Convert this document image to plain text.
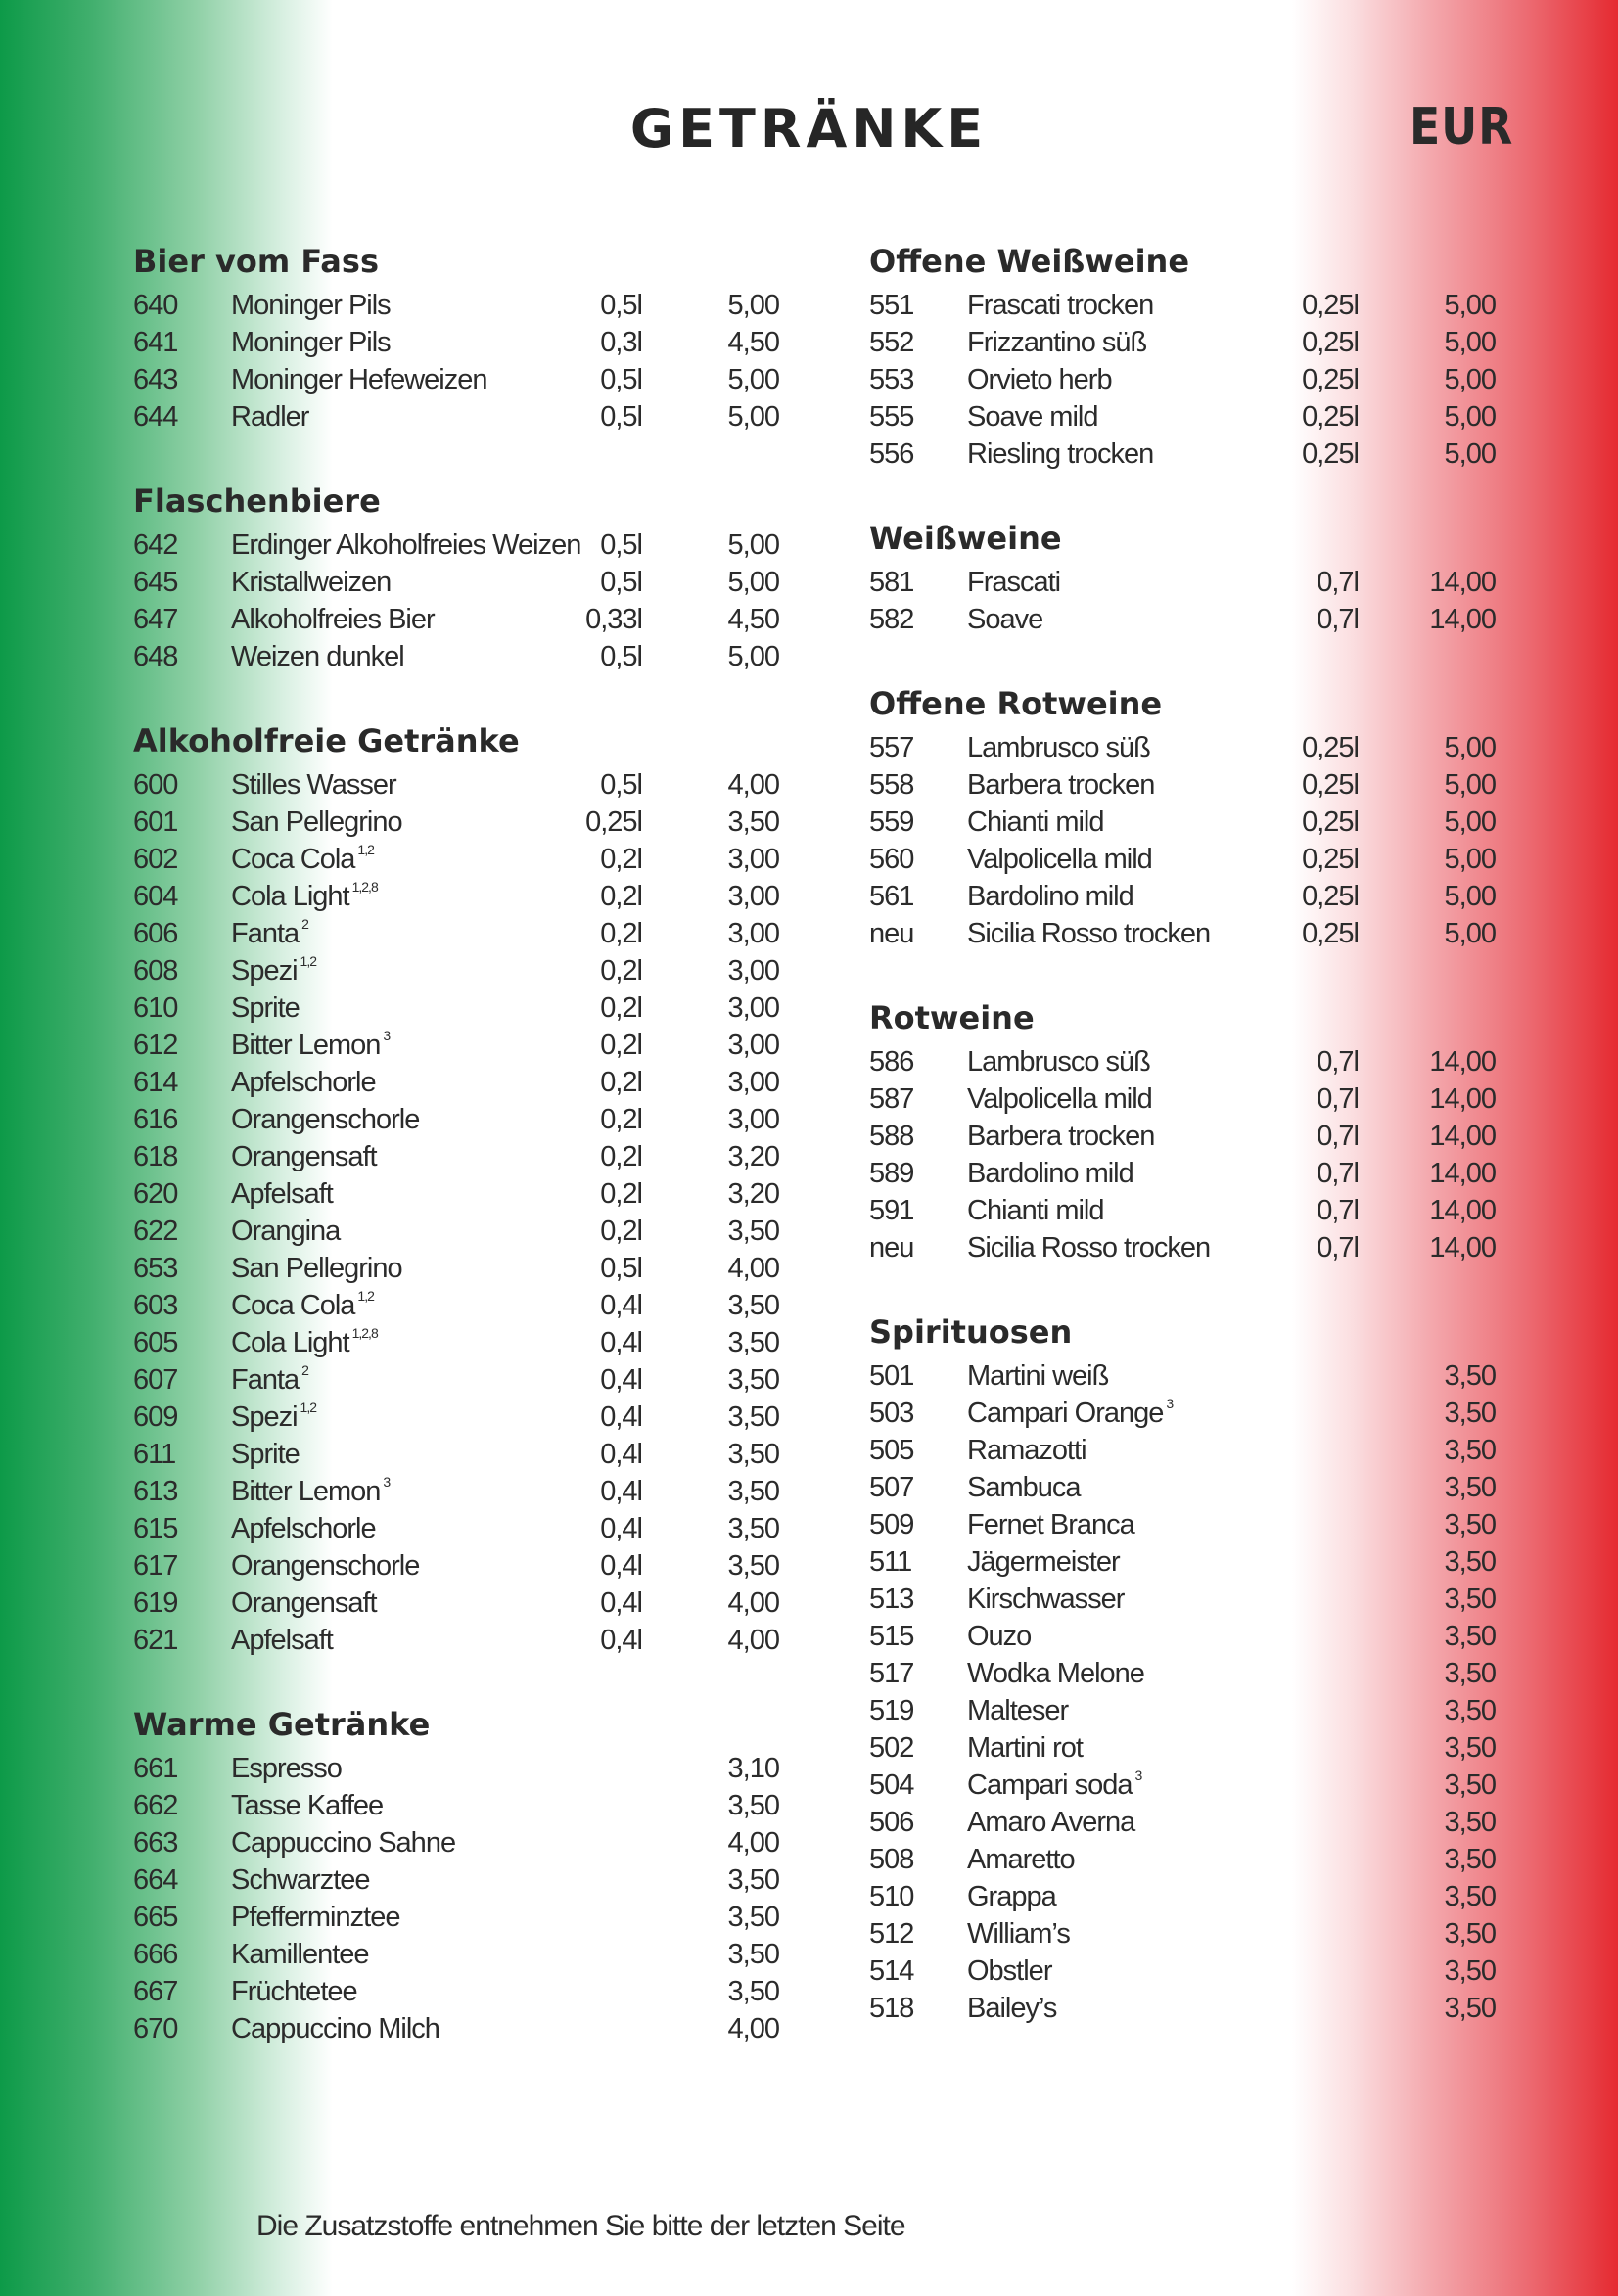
GETRÄNKE	EUR
Bier vom Fass
640 Moninger Pils	0,5l	5,00
641 Moninger Pils	0,3l	4,50
643 Moninger Hefeweizen	0,5l	5,00
644 Radler	0,5l	5,00
Flaschenbiere
642 Erdinger Alkoholfreies Weizen 0,5l	5,00
645 Kristallweizen	0,5l	5,00
647 Alkoholfreies Bier	0,33l	4,50
648 Weizen dunkel	0,5l	5,00
Alkoholfreie Getränke
600 Stilles Wasser	0,5l	4,00
601 San Pellegrino	0,25l	3,50
602 Coca Cola $^{1,2}$	0,2l	3,00
604 Cola Light $^{1,2,8}$	0,2l	3,00
606 Fanta $^2$	0,2l	3,00
608 Spezi $^{1,2}$	0,2l	3,00
610 Sprite	0,2l	3,00
612 Bitter Lemon $^3$	0,2l	3,00
614 Apfelschorle	0,2l	3,00
616 Orangenschorle	0,2l	3,00
618 Orangensaft	0,2l	3,20
620 Apfelsaft	0,2l	3,20
622 Orangina	0,2l	3,50
653 San Pellegrino	0,5l	4,00
603 Coca Cola $^{1,2}$	0,4l	3,50
605 Cola Light $^{1,2,8}$	0,4l	3,50
607 Fanta $^2$	0,4l	3,50
609 Spezi $^{1,2}$	0,4l	3,50
611 Sprite	0,4l	3,50
613 Bitter Lemon $^3$	0,4l	3,50
615 Apfelschorle	0,4l	3,50
617 Orangenschorle	0,4l	3,50
619 Orangensaft	0,4l	4,00
621 Apfelsaft	0,4l	4,00
Warme Getränke
661 Espresso	3,10
662 Tasse Kaffee	3,50
663 Cappuccino Sahne	4,00
664 Schwarztee	3,50
665 Pfefferminztee	3,50
666 Kamillentee	3,50
667 Früchtetee	3,50
670 Cappuccino Milch	4,00
Offene Weißweine
551 Frascati trocken	0,25l	5,00
552 Frizzantino süß	0,25l	5,00
553 Orvieto herb	0,25l	5,00
555 Soave mild	0,25l	5,00
556 Riesling trocken	0,25l	5,00
Weißweine
581 Frascati	0,7l 14,00
582 Soave	0,7l 14,00
Offene Rotweine
557 Lambrusco süß	0,25l	5,00
558 Barbera trocken	0,25l	5,00
559 Chianti mild	0,25l	5,00
560 Valpolicella mild	0,25l	5,00
561 Bardolino mild	0,25l	5,00
neu Sicilia Rosso trocken	0,25l	5,00
Rotweine
586 Lambrusco süß	0,7l 14,00
587 Valpolicella mild	0,7l 14,00
588 Barbera trocken	0,7l 14,00
589 Bardolino mild	0,7l 14,00
591 Chianti mild	0,7l 14,00
neu Sicilia Rosso trocken	0,7l 14,00
Spirituosen
501 Martini weiß	3,50
503 Campari Orange $^3$	3,50
505 Ramazotti	3,50
507 Sambuca	3,50
509 Fernet Branca	3,50
511 Jägermeister	3,50
513 Kirschwasser	3,50
515 Ouzo	3,50
517 Wodka Melone	3,50
519 Malteser	3,50
502 Martini rot	3,50
504 Campari soda $^3$	3,50
506 Amaro Averna	3,50
508 Amaretto	3,50
510 Grappa	3,50
512 William’s	3,50
514 Obstler	3,50
518 Bailey’s	3,50
Die Zusatzstoffe entnehmen Sie bitte der letzten Seite
